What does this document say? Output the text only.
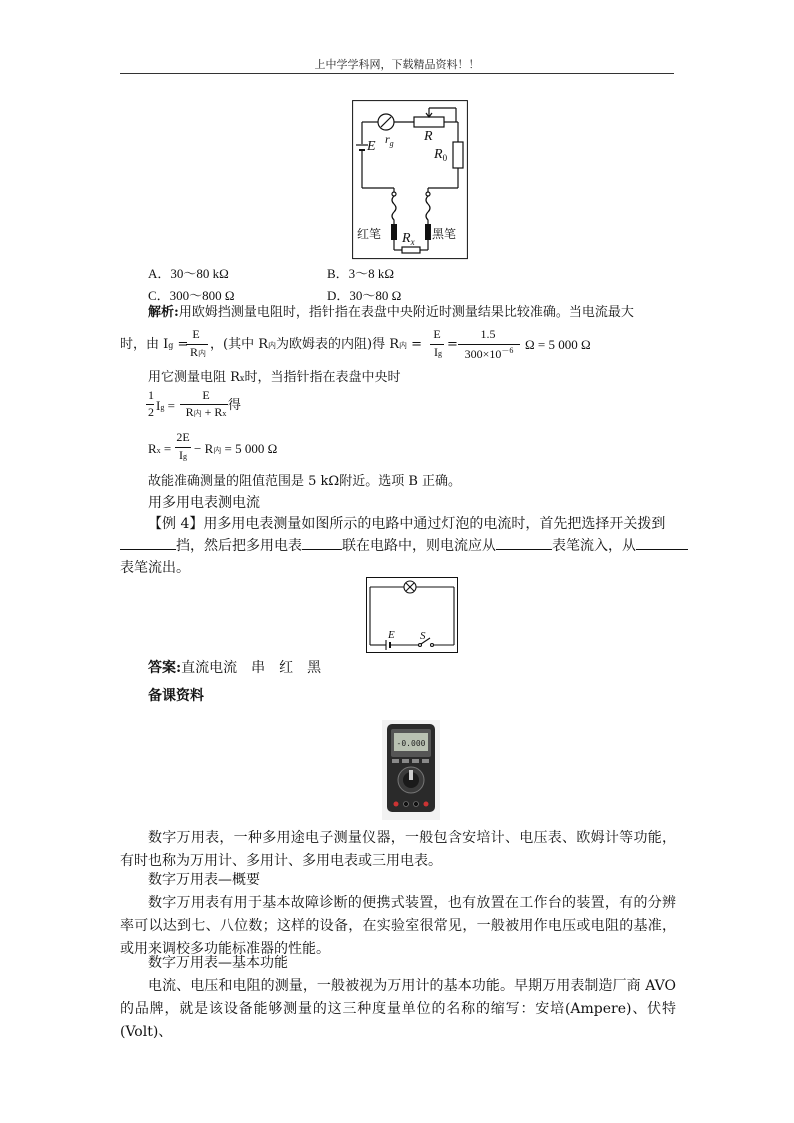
上中学学科网，下载精品资料！！
E $r_g$ R
$R_0$
$R_x$
红笔	黑笔
A．30～80 kΩ	B．3～8 kΩ
C．300～800 Ω	D．30～80 Ω
解析:用欧姆挡测量电阻时，指针指在表盘中央附近时测量结果比较准确。当电流最大
时，由 Ig =
E
R内
，(其中 R内为欧姆表的内阻)得 R内 =
E
Ig
=
1.5
$300\times 10^{-6}$ Ω = 5 000 Ω
用它测量电阻 Rx时，当指针指在表盘中央时
1
2 Ig =
E
R内 + Rx
得
Rx =
2E
Ig
− R内 = 5 000 Ω
故能准确测量的阻值范围是 5 kΩ附近。选项 B 正确。
用多用电表测电流
【例 4】用多用电表测量如图所示的电路中通过灯泡的电流时，首先把选择开关拨到
挡，然后把多用电表	联在电路中，则电流应从	表笔流入，从
表笔流出。
E S
答案:直流电流　串　红　黑
备课资料
-0.000
数字万用表，一种多用途电子测量仪器，一般包含安培计、电压表、欧姆计等功能，有时也称为万用计、多用计、多用电表或三用电表。
数字万用表—概要
数字万用表有用于基本故障诊断的便携式装置，也有放置在工作台的装置，有的分辨率可以达到七、八位数；这样的设备，在实验室很常见，一般被用作电压或电阻的基准，或用来调校多功能标准器的性能。
数字万用表—基本功能
电流、电压和电阻的测量，一般被视为万用计的基本功能。早期万用表制造厂商 AVO 的品牌，就是该设备能够测量的这三种度量单位的名称的缩写：安培(Ampere)、伏特(Volt)、
